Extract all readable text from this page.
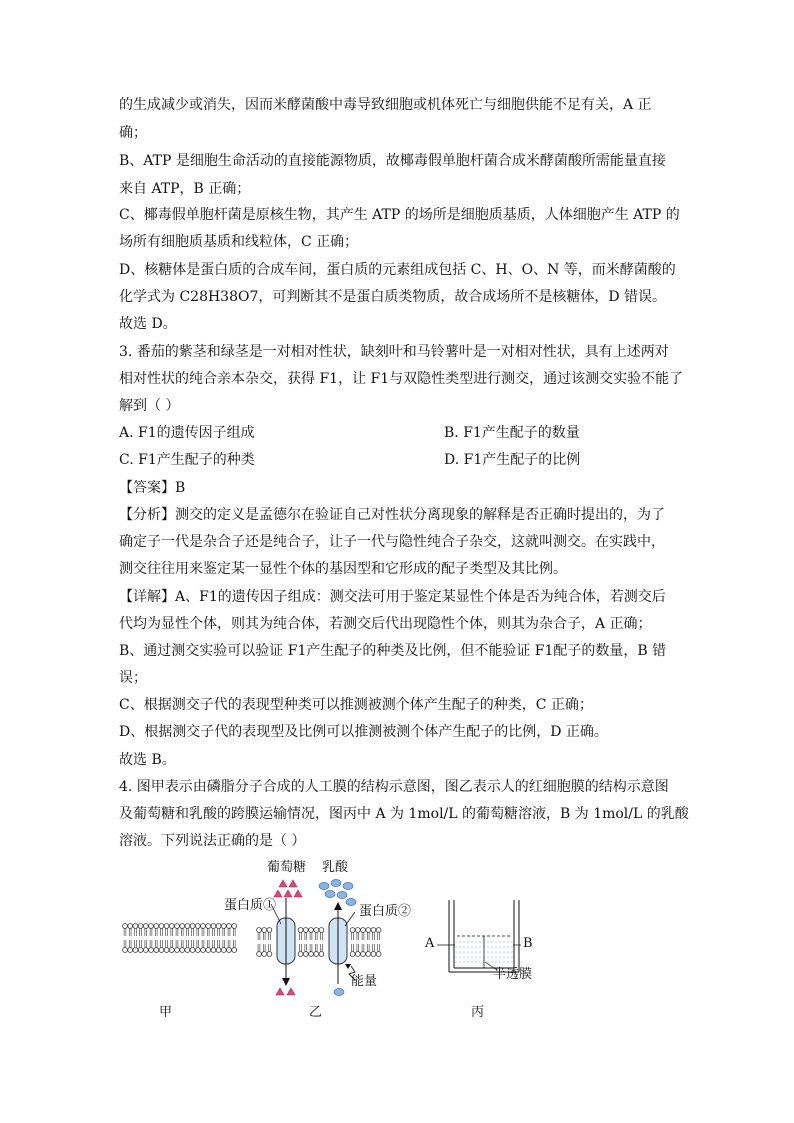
的生成减少或消失，因而米酵菌酸中毒导致细胞或机体死亡与细胞供能不足有关，A 正
确；
B、ATP 是细胞生命活动的直接能源物质，故椰毒假单胞杆菌合成米酵菌酸所需能量直接
来自 ATP，B 正确；
C、椰毒假单胞杆菌是原核生物，其产生 ATP 的场所是细胞质基质，人体细胞产生 ATP 的
场所有细胞质基质和线粒体，C 正确；
D、核糖体是蛋白质的合成车间，蛋白质的元素组成包括 C、H、O、N 等，而米酵菌酸的
化学式为 C28H38O7，可判断其不是蛋白质类物质，故合成场所不是核糖体，D 错误。
故选 D。
3. 番茄的紫茎和绿茎是一对相对性状，缺刻叶和马铃薯叶是一对相对性状，具有上述两对
相对性状的纯合亲本杂交，获得 F1，让 F1与双隐性类型进行测交，通过该测交实验不能了
解到（ ）
A. F1的遗传因子组成	B. F1产生配子的数量
C. F1产生配子的种类	D. F1产生配子的比例
【答案】B
【分析】测交的定义是孟德尔在验证自己对性状分离现象的解释是否正确时提出的，为了
确定子一代是杂合子还是纯合子，让子一代与隐性纯合子杂交，这就叫测交。在实践中，
测交往往用来鉴定某一显性个体的基因型和它形成的配子类型及其比例。
【详解】A、F1的遗传因子组成：测交法可用于鉴定某显性个体是否为纯合体，若测交后
代均为显性个体，则其为纯合体，若测交后代出现隐性个体，则其为杂合子，A 正确；
B、通过测交实验可以验证 F1产生配子的种类及比例，但不能验证 F1配子的数量，B 错
误；
C、根据测交子代的表现型种类可以推测被测个体产生配子的种类，C 正确；
D、根据测交子代的表现型及比例可以推测被测个体产生配子的比例，D 正确。
故选 B。
4. 图甲表示由磷脂分子合成的人工膜的结构示意图，图乙表示人的红细胞膜的结构示意图
及葡萄糖和乳酸的跨膜运输情况，图丙中 A 为 1mol/L 的葡萄糖溶液，B 为 1mol/L 的乳酸
溶液。下列说法正确的是（ ）
葡萄糖 乳酸
蛋白质①	蛋白质②
能量
A	B
半透膜
甲	乙	丙
